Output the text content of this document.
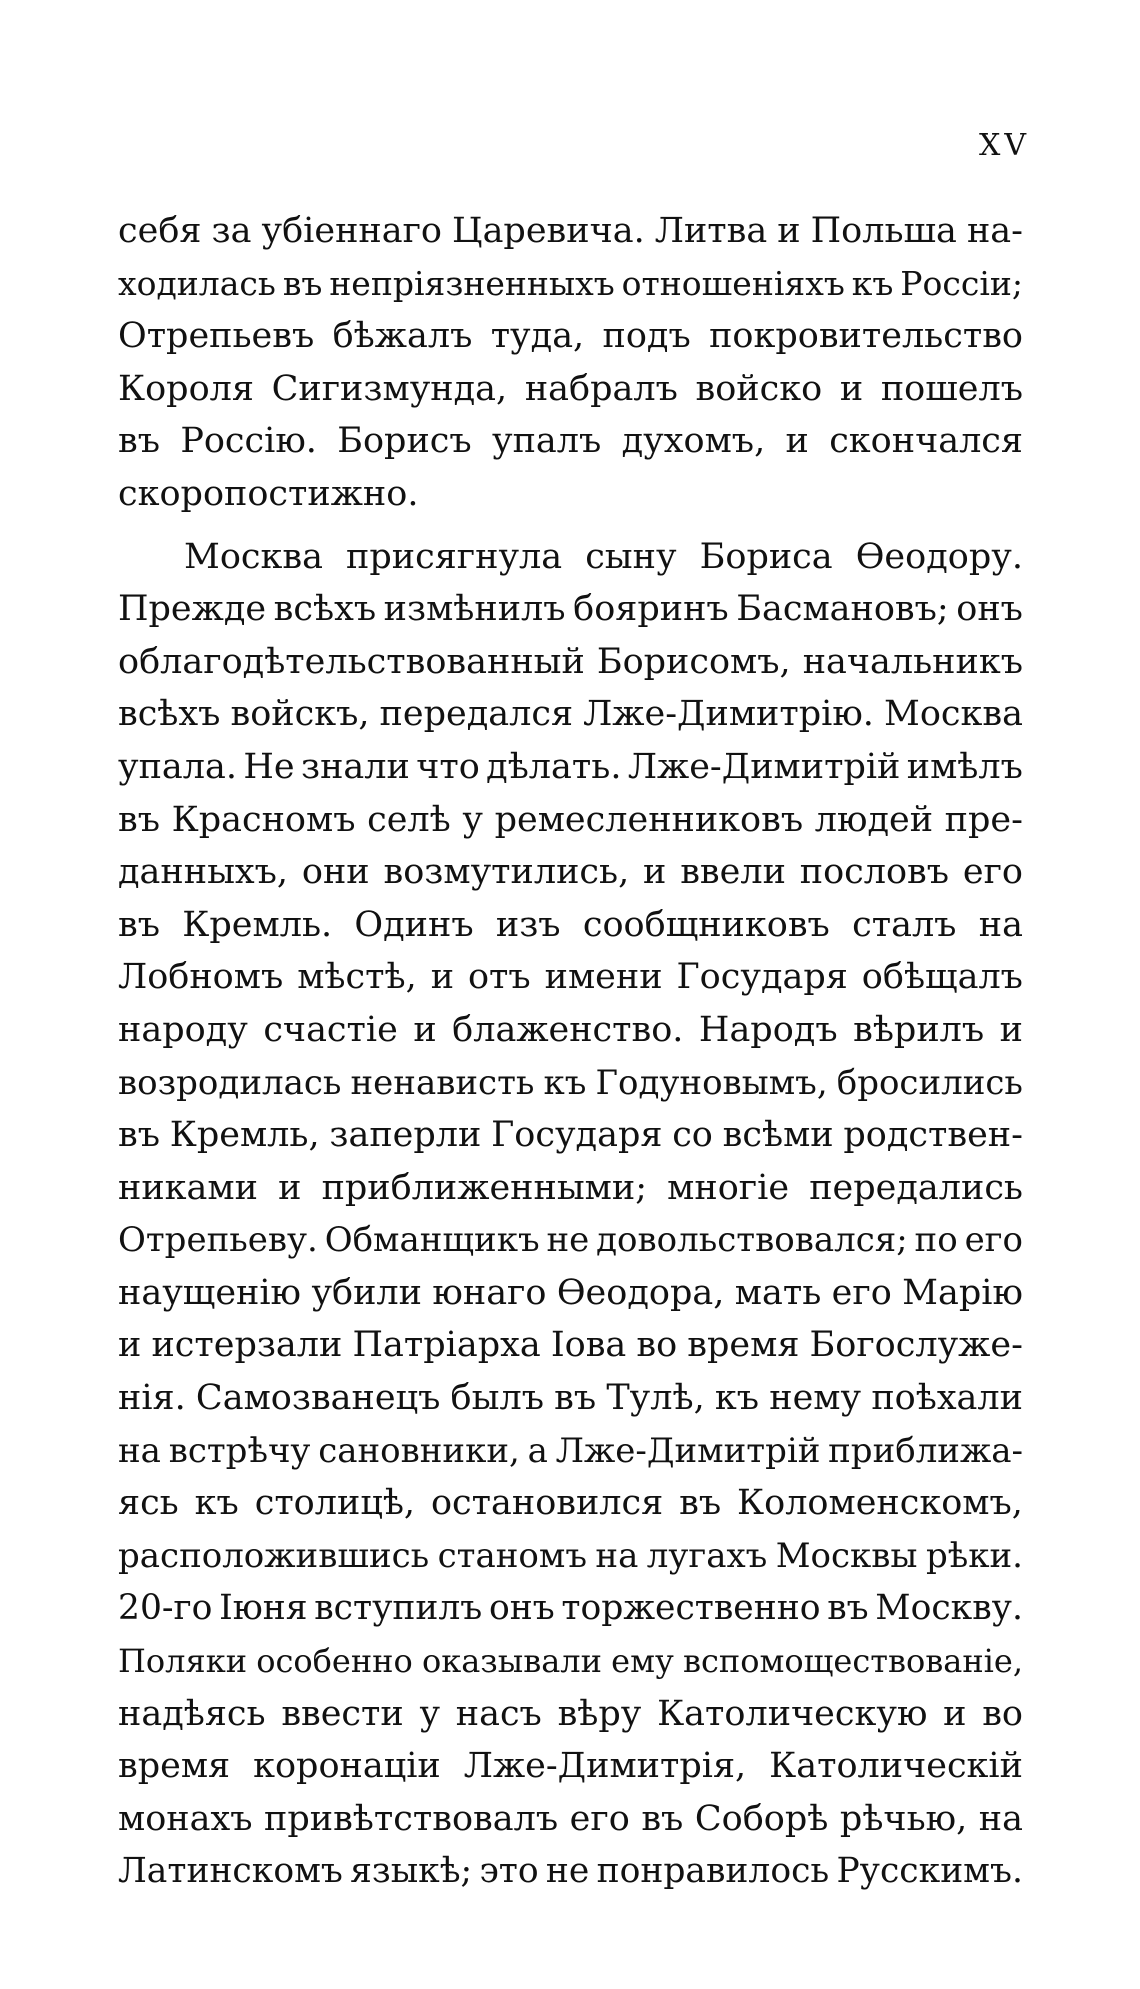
XV
себя за убіеннаго Царевича. Литва и Польша на-
ходилась въ непріязненныхъ отношеніяхъ къ Россіи;
Отрепьевъ бѣжалъ туда, подъ покровительство
Короля Сигизмунда, набралъ войско и пошелъ
въ Россію. Борисъ упалъ духомъ, и скончался
скоропостижно.
Москва присягнула сыну Бориса Ѳеодору.
Прежде всѣхъ измѣнилъ бояринъ Басмановъ; онъ
облагодѣтельствованный Борисомъ, начальникъ
всѣхъ войскъ, передался Лже-Димитрію. Москва
упала. Не знали что дѣлать. Лже-Димитрій имѣлъ
въ Красномъ селѣ у ремесленниковъ людей пре-
данныхъ, они возмутились, и ввели пословъ его
въ Кремль. Одинъ изъ сообщниковъ сталъ на
Лобномъ мѣстѣ, и отъ имени Государя обѣщалъ
народу счастіе и блаженство. Народъ вѣрилъ и
возродилась ненависть къ Годуновымъ, бросились
въ Кремль, заперли Государя со всѣми родствен-
никами и приближенными; многіе передались
Отрепьеву. Обманщикъ не довольствовался; по его
наущенію убили юнаго Ѳеодора, мать его Марію
и истерзали Патріарха Іова во время Богослуже-
нія. Самозванецъ былъ въ Тулѣ, къ нему поѣхали
на встрѣчу сановники, а Лже-Димитрій приближа-
ясь къ столицѣ, остановился въ Коломенскомъ,
расположившись станомъ на лугахъ Москвы рѣки.
20-го Іюня вступилъ онъ торжественно въ Москву.
Поляки особенно оказывали ему вспомоществованіе,
надѣясь ввести у насъ вѣру Католическую и во
время коронаціи Лже-Димитрія, Католическій
монахъ привѣтствовалъ его въ Соборѣ рѣчью, на
Латинскомъ языкѣ; это не понравилось Русскимъ.
